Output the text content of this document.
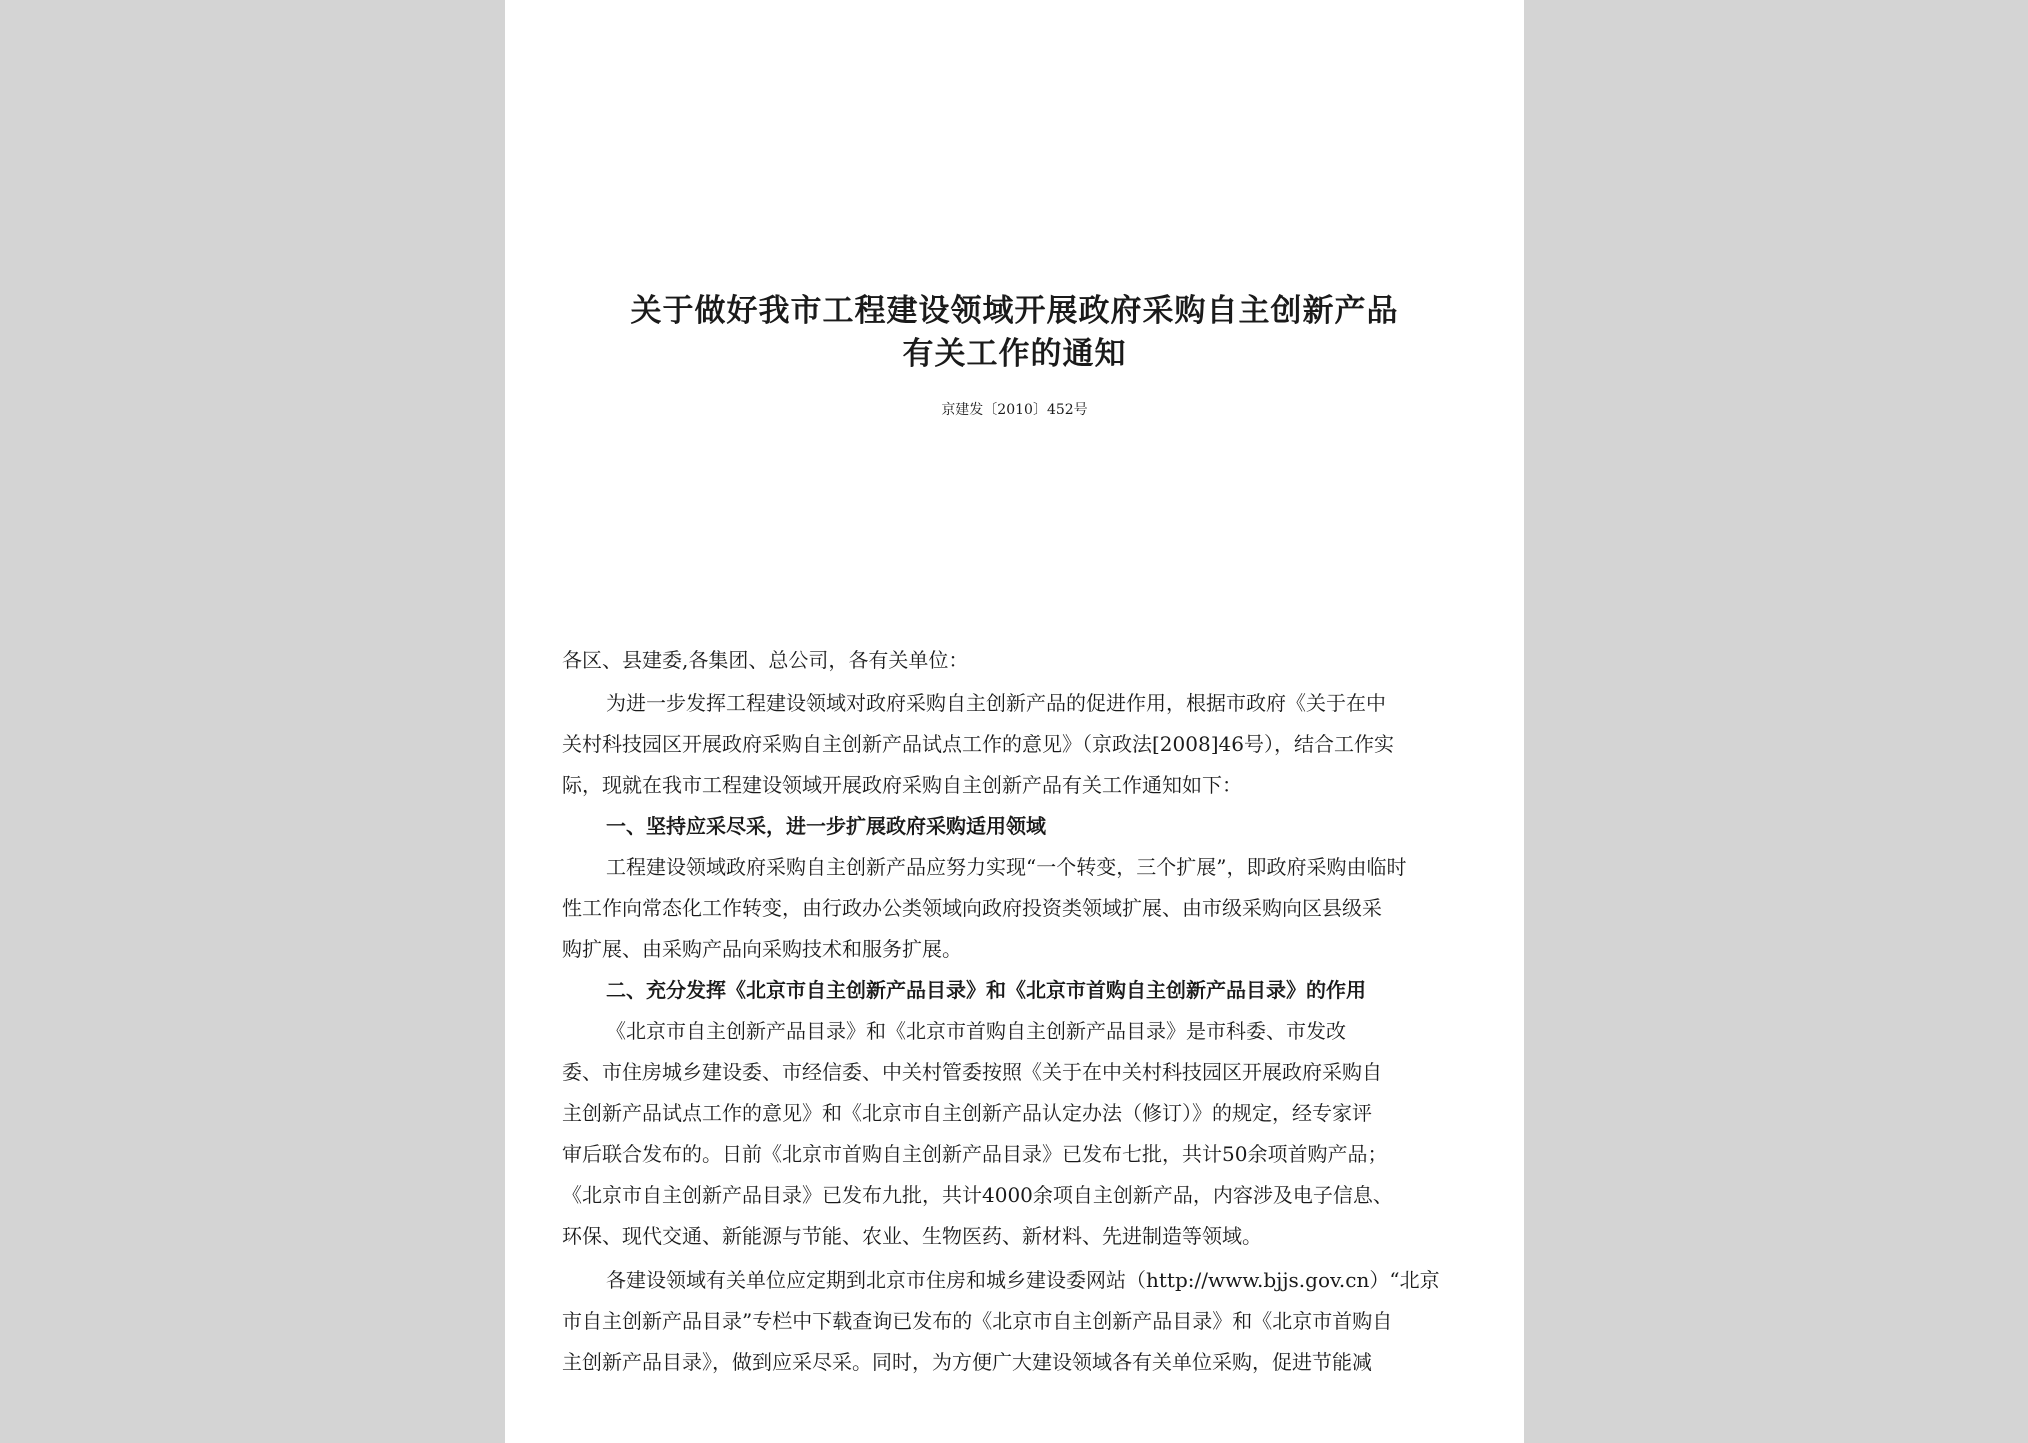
关于做好我市工程建设领域开展政府采购自主创新产品
有关工作的通知
京建发〔2010〕452号
各区、县建委,各集团、总公司，各有关单位：
为进一步发挥工程建设领域对政府采购自主创新产品的促进作用，根据市政府《关于在中
关村科技园区开展政府采购自主创新产品试点工作的意见》（京政法[2008]46号），结合工作实
际，现就在我市工程建设领域开展政府采购自主创新产品有关工作通知如下：
一、坚持应采尽采，进一步扩展政府采购适用领域
工程建设领域政府采购自主创新产品应努力实现“一个转变，三个扩展”，即政府采购由临时
性工作向常态化工作转变，由行政办公类领域向政府投资类领域扩展、由市级采购向区县级采
购扩展、由采购产品向采购技术和服务扩展。
二、充分发挥《北京市自主创新产品目录》和《北京市首购自主创新产品目录》的作用
《北京市自主创新产品目录》和《北京市首购自主创新产品目录》是市科委、市发改
委、市住房城乡建设委、市经信委、中关村管委按照《关于在中关村科技园区开展政府采购自
主创新产品试点工作的意见》和《北京市自主创新产品认定办法（修订）》的规定，经专家评
审后联合发布的。日前《北京市首购自主创新产品目录》已发布七批，共计50余项首购产品；
《北京市自主创新产品目录》已发布九批，共计4000余项自主创新产品，内容涉及电子信息、
环保、现代交通、新能源与节能、农业、生物医药、新材料、先进制造等领域。
各建设领域有关单位应定期到北京市住房和城乡建设委网站（http://www.bjjs.gov.cn）“北京
市自主创新产品目录”专栏中下载查询已发布的《北京市自主创新产品目录》和《北京市首购自
主创新产品目录》，做到应采尽采。同时，为方便广大建设领域各有关单位采购，促进节能减
